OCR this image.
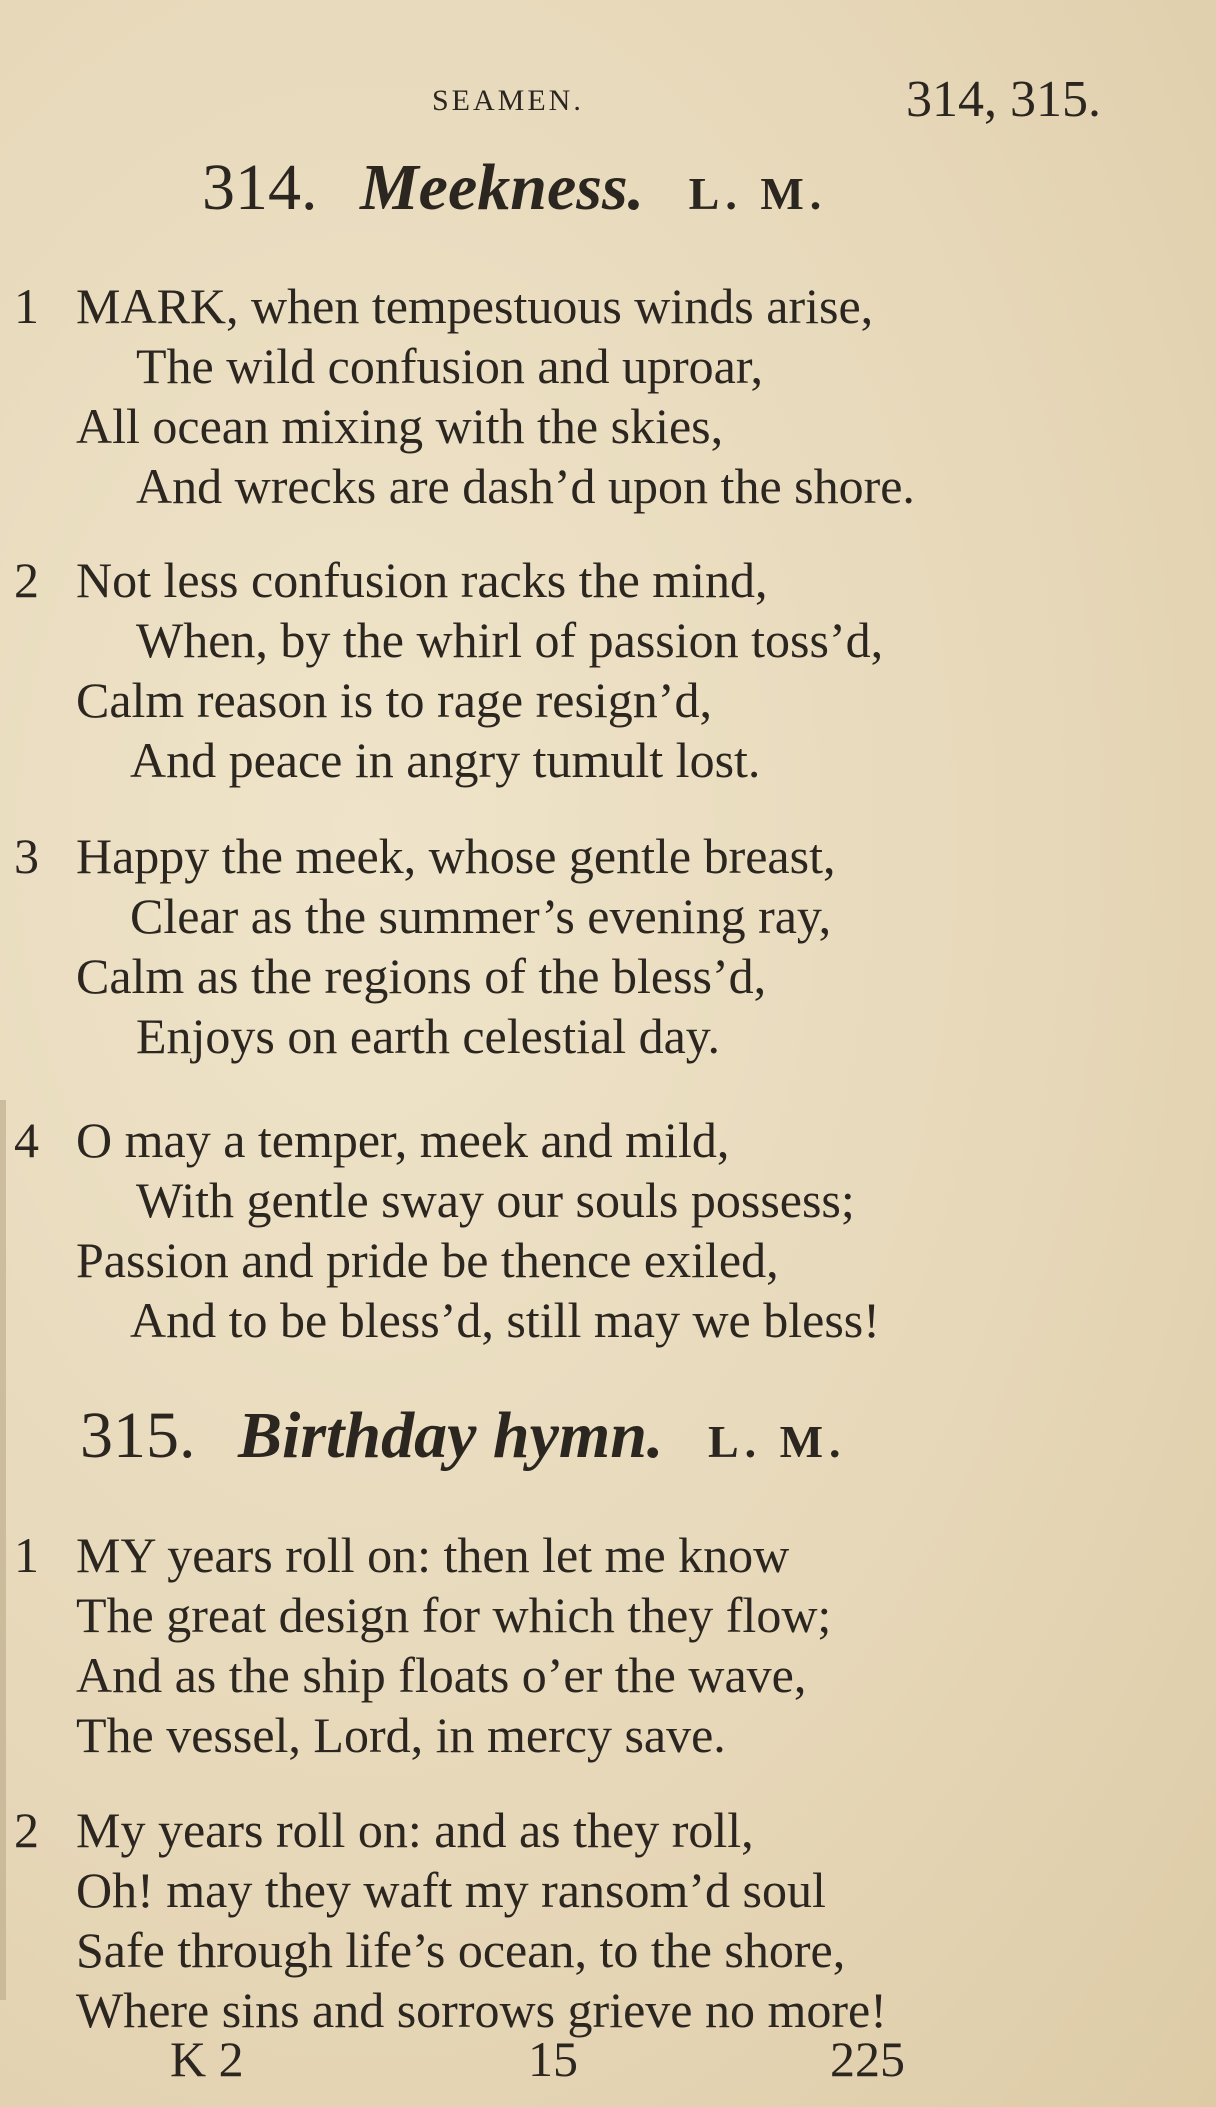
SEAMEN.	314, 315.
314. Meekness. L. M.
1 MARK, when tempestuous winds arise,
The wild confusion and uproar,
All ocean mixing with the skies,
And wrecks are dash’d upon the shore.
2 Not less confusion racks the mind,
When, by the whirl of passion toss’d,
Calm reason is to rage resign’d,
And peace in angry tumult lost.
3 Happy the meek, whose gentle breast,
Clear as the summer’s evening ray,
Calm as the regions of the bless’d,
Enjoys on earth celestial day.
4 O may a temper, meek and mild,
With gentle sway our souls possess;
Passion and pride be thence exiled,
And to be bless’d, still may we bless!
315. Birthday hymn. L. M.
1 MY years roll on: then let me know
The great design for which they flow;
And as the ship floats o’er the wave,
The vessel, Lord, in mercy save.
2 My years roll on: and as they roll,
Oh! may they waft my ransom’d soul
Safe through life’s ocean, to the shore,
Where sins and sorrows grieve no more!
K 2	15	225
